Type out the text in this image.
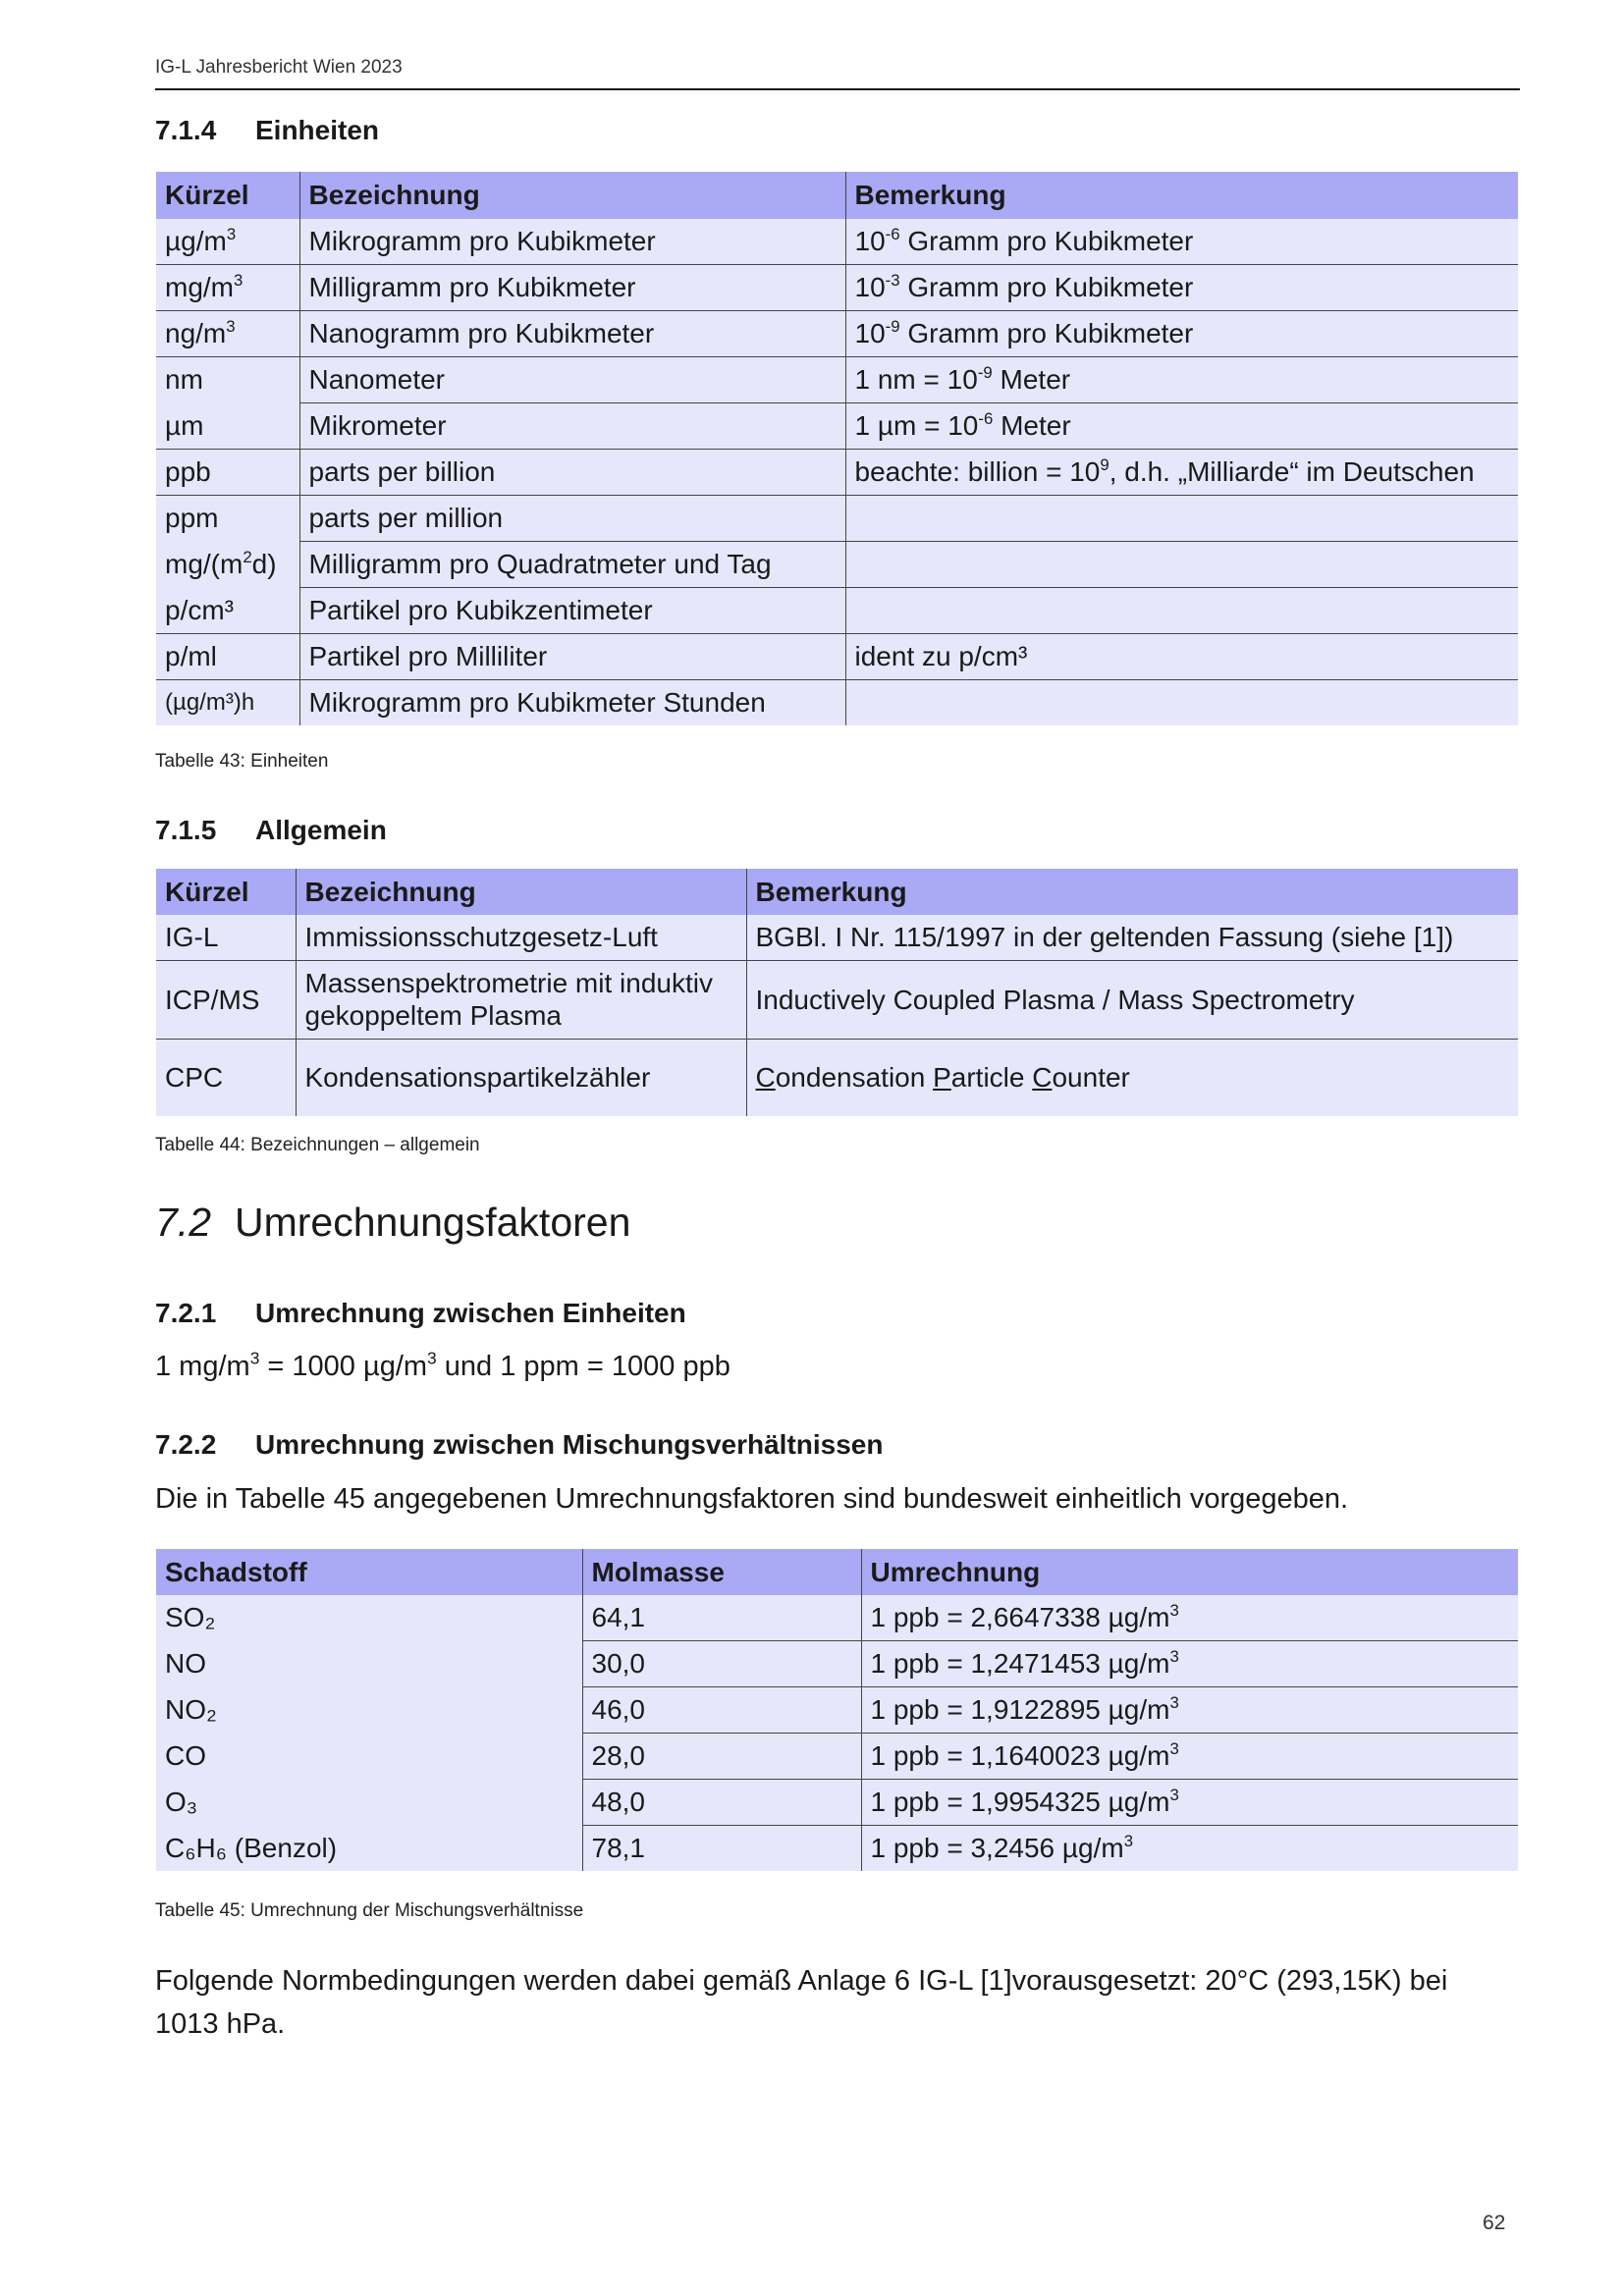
IG-L Jahresbericht Wien 2023
7.1.4 Einheiten
Kürzel	Bezeichnung	Bemerkung
$\mu g/m^3$	Mikrogramm pro Kubikmeter	$10^{-6}$ Gramm pro Kubikmeter
$mg/m^3$	Milligramm pro Kubikmeter	$10^{-3}$ Gramm pro Kubikmeter
$ng/m^3$	Nanogramm pro Kubikmeter	$10^{-9}$ Gramm pro Kubikmeter
nm	Nanometer	1 nm = $10^{-9}$ Meter
µm	Mikrometer	1 $\mu m = 10^{-6}$ Meter
ppb	parts per billion	beachte: billion = $10^9$, d.h. „Milliarde“ im Deutschen
ppm	parts per million	
$mg/(m^2d)$	Milligramm pro Quadratmeter und Tag	
p/cm³	Partikel pro Kubikzentimeter	
p/ml	Partikel pro Milliliter	ident zu p/cm³
(µg/m³)h	Mikrogramm pro Kubikmeter Stunden	
Tabelle 43: Einheiten
7.1.5 Allgemein
Kürzel	Bezeichnung	Bemerkung
IG-L	Immissionsschutzgesetz-Luft	BGBl. I Nr. 115/1997 in der geltenden Fassung (siehe [1])
ICP/MS	Massenspektrometrie mit induktiv gekoppeltem Plasma	Inductively Coupled Plasma / Mass Spectrometry
CPC	Kondensationspartikelzähler	Condensation Particle Counter
Tabelle 44: Bezeichnungen – allgemein
7.2 Umrechnungsfaktoren
7.2.1 Umrechnung zwischen Einheiten
1 $mg/m^3 = 1000$ $\mu g/m^3$ und 1 ppm = 1000 ppb
7.2.2 Umrechnung zwischen Mischungsverhältnissen
Die in Tabelle 45 angegebenen Umrechnungsfaktoren sind bundesweit einheitlich vorgegeben.
Schadstoff	Molmasse	Umrechnung
SO₂	64,1	1 ppb = 2,6647338 $\mu g/m^3$
NO	30,0	1 ppb = 1,2471453 $\mu g/m^3$
NO₂	46,0	1 ppb = 1,9122895 $\mu g/m^3$
CO	28,0	1 ppb = 1,1640023 $\mu g/m^3$
O₃	48,0	1 ppb = 1,9954325 $\mu g/m^3$
C₆H₆ (Benzol)	78,1	1 ppb = 3,2456 $\mu g/m^3$
Tabelle 45: Umrechnung der Mischungsverhältnisse
Folgende Normbedingungen werden dabei gemäß Anlage 6 IG-L [1]vorausgesetzt: 20°C (293,15K) bei 1013 hPa.
62
